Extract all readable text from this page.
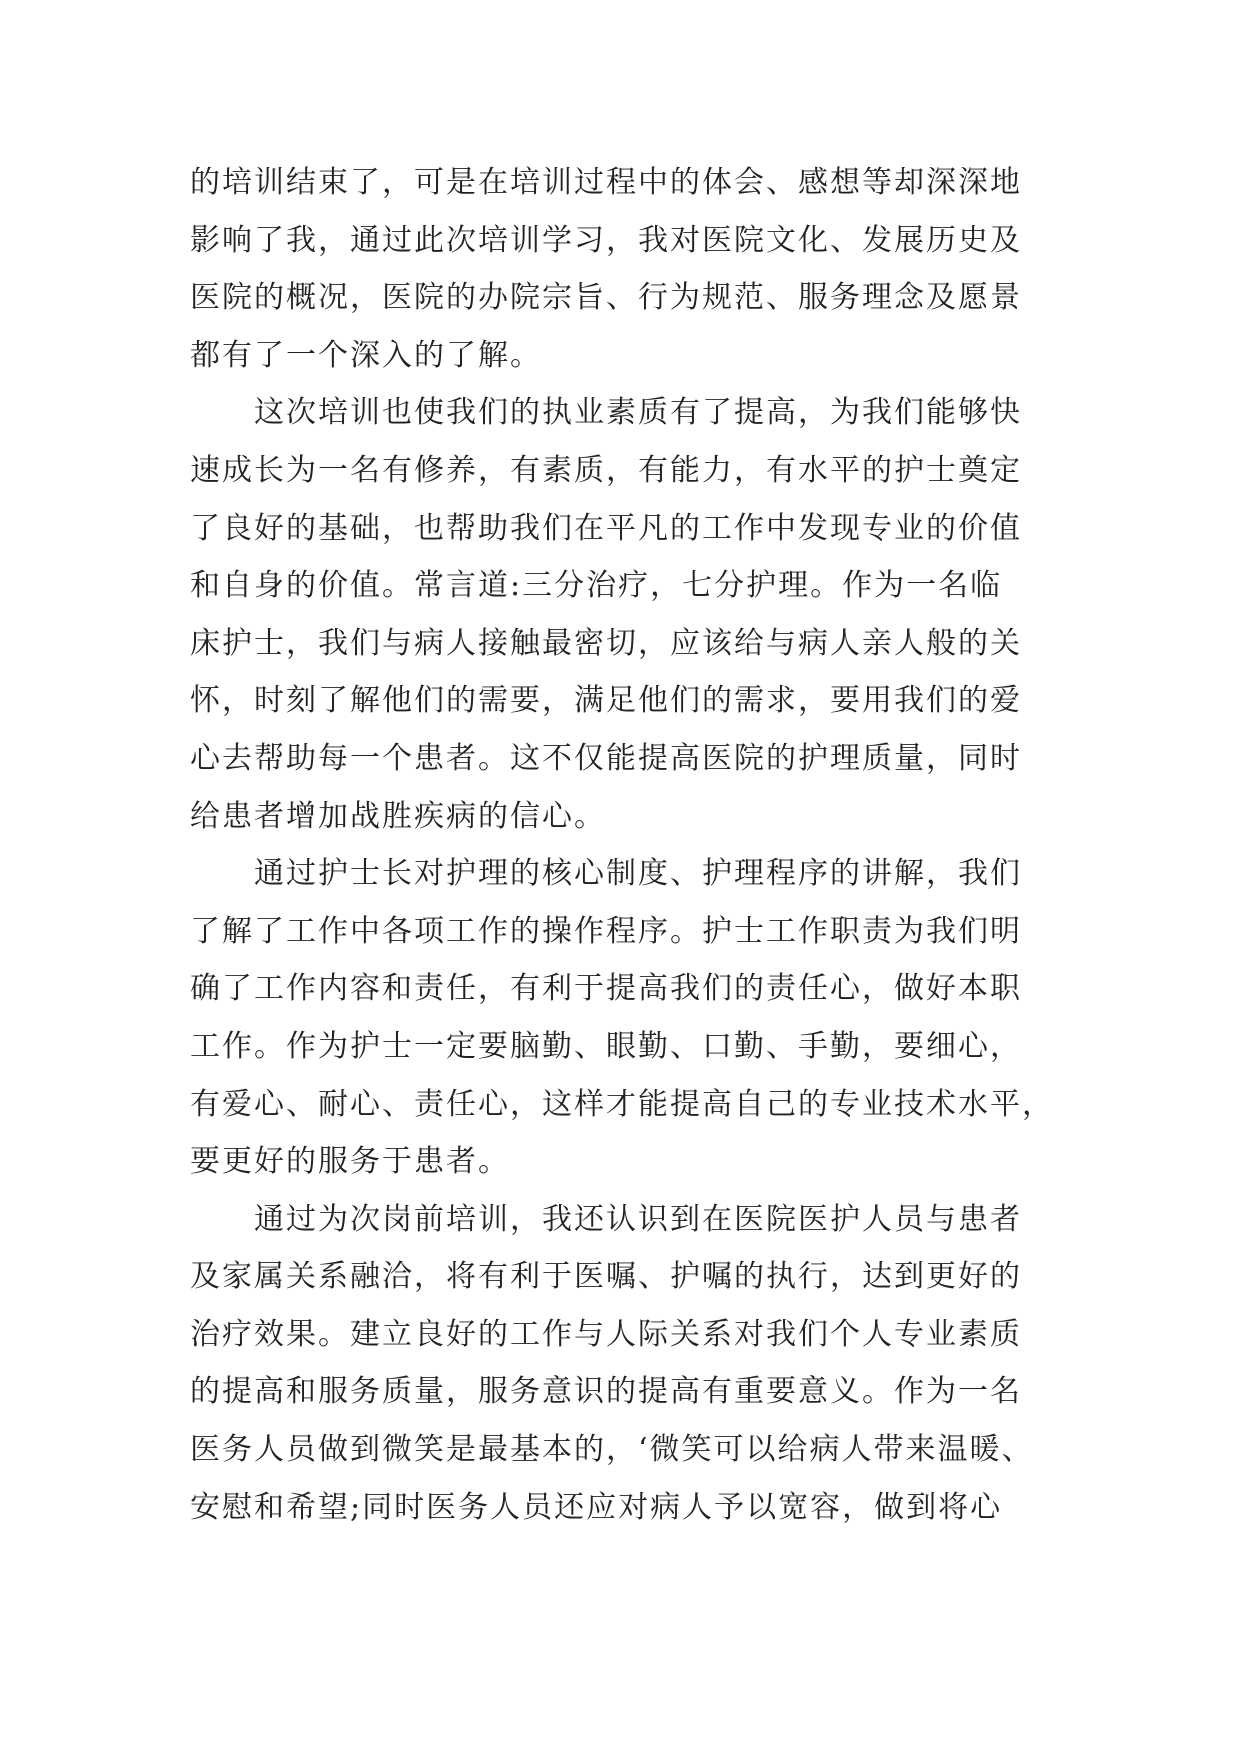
的培训结束了，可是在培训过程中的体会、感想等却深深地
影响了我，通过此次培训学习，我对医院文化、发展历史及
医院的概况，医院的办院宗旨、行为规范、服务理念及愿景
都有了一个深入的了解。
　　这次培训也使我们的执业素质有了提高，为我们能够快
速成长为一名有修养，有素质，有能力，有水平的护士奠定
了良好的基础，也帮助我们在平凡的工作中发现专业的价值
和自身的价值。常言道:三分治疗，七分护理。作为一名临
床护士，我们与病人接触最密切，应该给与病人亲人般的关
怀，时刻了解他们的需要，满足他们的需求，要用我们的爱
心去帮助每一个患者。这不仅能提高医院的护理质量，同时
给患者增加战胜疾病的信心。
　　通过护士长对护理的核心制度、护理程序的讲解，我们
了解了工作中各项工作的操作程序。护士工作职责为我们明
确了工作内容和责任，有利于提高我们的责任心，做好本职
工作。作为护士一定要脑勤、眼勤、口勤、手勤，要细心，
有爱心、耐心、责任心，这样才能提高自己的专业技术水平，
要更好的服务于患者。
　　通过为次岗前培训，我还认识到在医院医护人员与患者
及家属关系融洽，将有利于医嘱、护嘱的执行，达到更好的
治疗效果。建立良好的工作与人际关系对我们个人专业素质
的提高和服务质量，服务意识的提高有重要意义。作为一名
医务人员做到微笑是最基本的，‘微笑可以给病人带来温暖、
安慰和希望;同时医务人员还应对病人予以宽容，做到将心
